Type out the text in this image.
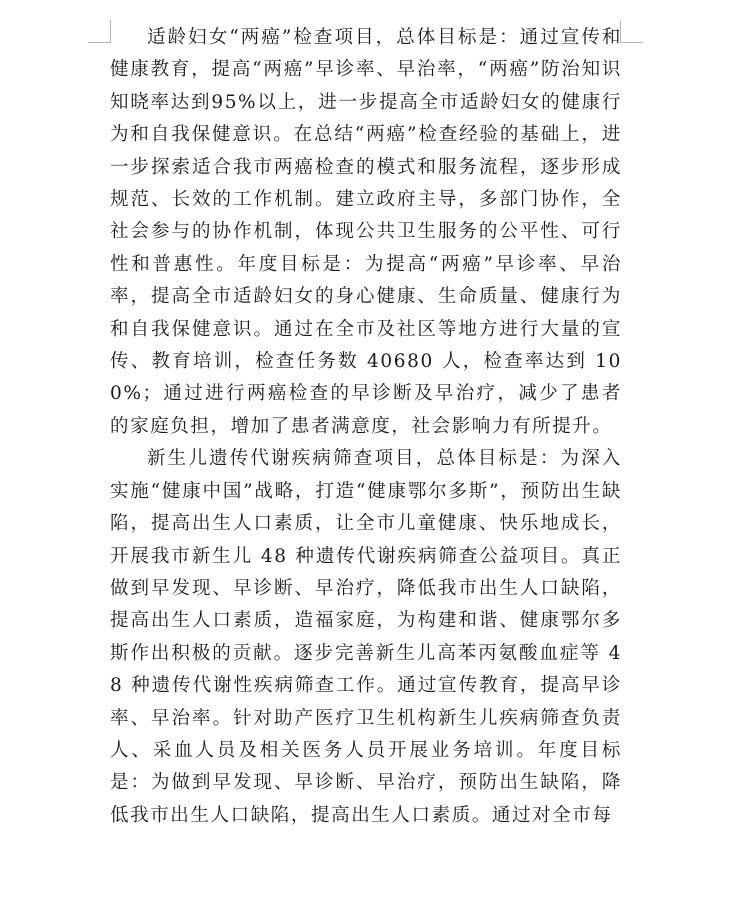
适龄妇女“两癌”检查项目，总体目标是：通过宣传和健康教育，提高“两癌”早诊率、早治率，“两癌”防治知识知晓率达到95%以上，进一步提高全市适龄妇女的健康行为和自我保健意识。在总结“两癌”检查经验的基础上，进一步探索适合我市两癌检查的模式和服务流程，逐步形成规范、长效的工作机制。建立政府主导，多部门协作，全社会参与的协作机制，体现公共卫生服务的公平性、可行性和普惠性。年度目标是：为提高“两癌”早诊率、早治率，提高全市适龄妇女的身心健康、生命质量、健康行为和自我保健意识。通过在全市及社区等地方进行大量的宣传、教育培训，检查任务数 40680 人，检查率达到 100%；通过进行两癌检查的早诊断及早治疗，减少了患者的家庭负担，增加了患者满意度，社会影响力有所提升。

新生儿遗传代谢疾病筛查项目，总体目标是：为深入实施“健康中国”战略，打造“健康鄂尔多斯”，预防出生缺陷，提高出生人口素质，让全市儿童健康、快乐地成长，开展我市新生儿 48 种遗传代谢疾病筛查公益项目。真正做到早发现、早诊断、早治疗，降低我市出生人口缺陷，提高出生人口素质，造福家庭，为构建和谐、健康鄂尔多斯作出积极的贡献。逐步完善新生儿高苯丙氨酸血症等 48 种遗传代谢性疾病筛查工作。通过宣传教育，提高早诊率、早治率。针对助产医疗卫生机构新生儿疾病筛查负责人、采血人员及相关医务人员开展业务培训。年度目标是：为做到早发现、早诊断、早治疗，预防出生缺陷，降低我市出生人口缺陷，提高出生人口素质。通过对全市每
